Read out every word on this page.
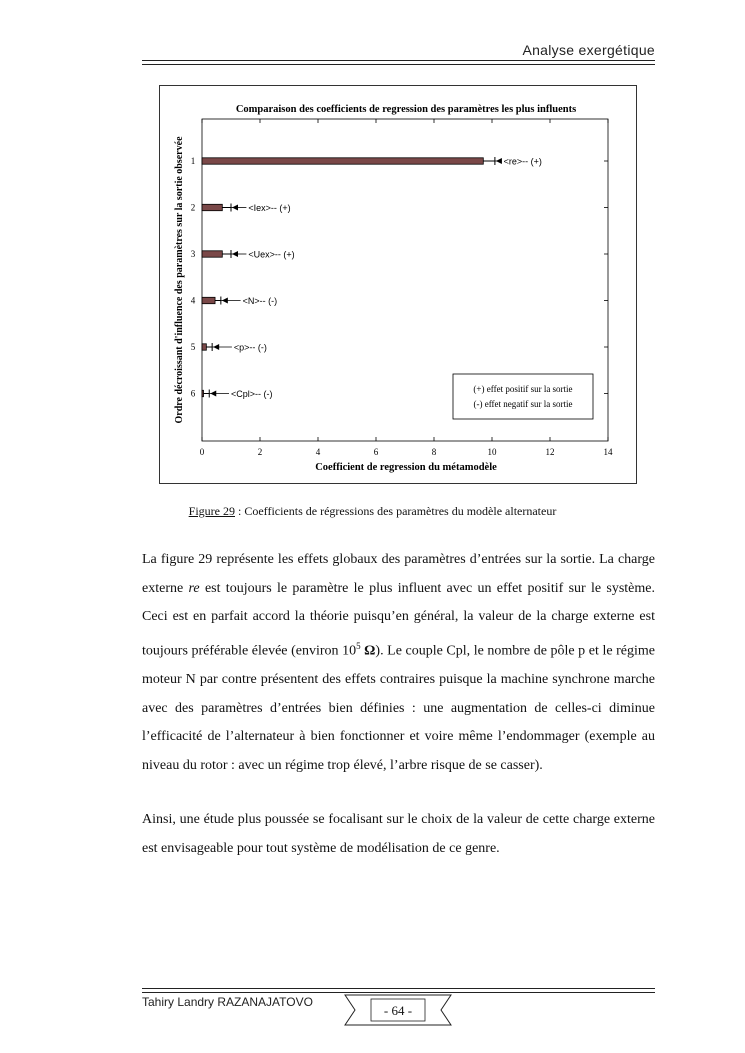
Analyse exergétique
Comparaison des coefficients de regression des paramètres les plus influents
1
2
3
4
5
6
0	2	4	6	8	10	12	14
<re>-- (+)
<Iex>-- (+)
<Uex>-- (+)
<N>-- (-)
<p>-- (-)
<Cpl>-- (-)
Ordre décroissant d'influence des paramètres sur la sortie observée
Coefficient de regression du métamodèle
(+) effet positif sur la sortie
(-) effet negatif sur la sortie
Figure 29 : Coefficients de régressions des paramètres du modèle alternateur
La figure 29 représente les effets globaux des paramètres d’entrées sur la sortie. La charge externe re est toujours le paramètre le plus influent avec un effet positif sur le système. Ceci est en parfait accord la théorie puisqu’en général, la valeur de la charge externe est toujours préférable élevée (environ $10^5$ Ω). Le couple Cpl, le nombre de pôle p et le régime moteur N par contre présentent des effets contraires puisque la machine synchrone marche avec des paramètres d’entrées bien définies : une augmentation de celles-ci diminue l’efficacité de l’alternateur à bien fonctionner et voire même l’endommager (exemple au niveau du rotor : avec un régime trop élevé, l’arbre risque de se casser).
Ainsi, une étude plus poussée se focalisant sur le choix de la valeur de cette charge externe est envisageable pour tout système de modélisation de ce genre.
Tahiry Landry RAZANAJATOVO
- 64 -
